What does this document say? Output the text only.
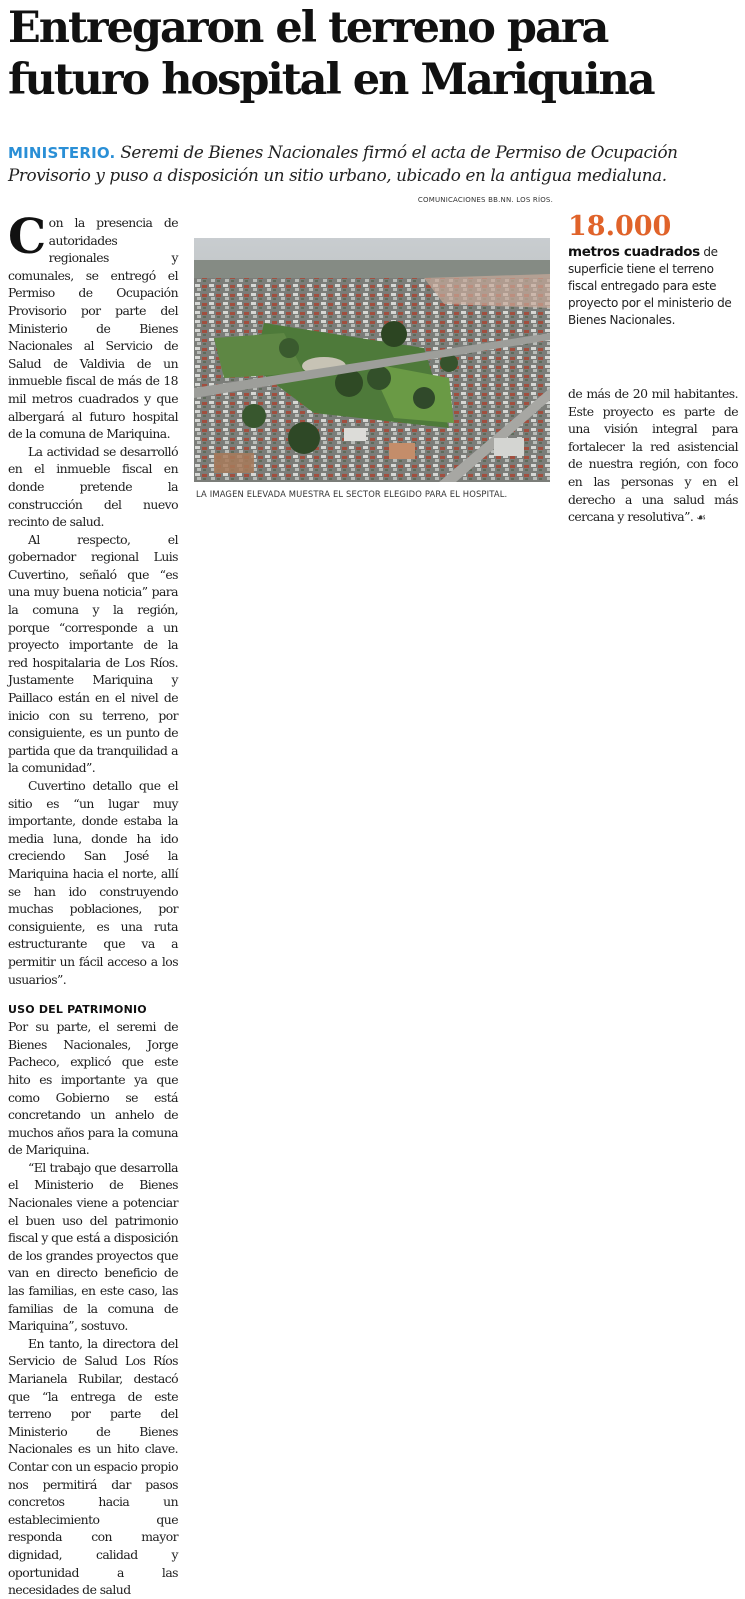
Entregaron el terreno para futuro hospital en Mariquina

MINISTERIO. Seremi de Bienes Nacionales firmó el acta de Permiso de Ocupación Provisorio y puso a disposición un sitio urbano, ubicado en la antigua medialuna.

COMUNICACIONES BB.NN. LOS RÍOS.

Con la presencia de autoridades regionales y comunales, se entregó el Permiso de Ocupación Provisorio por parte del Ministerio de Bienes Nacionales al Servicio de Salud de Valdivia de un inmueble fiscal de más de 18 mil metros cuadrados y que albergará al futuro hospital de la comuna de Mariquina.

La actividad se desarrolló en el inmueble fiscal en donde pretende la construcción del nuevo recinto de salud.

Al respecto, el gobernador regional Luis Cuvertino, señaló que “es una muy buena noticia” para la comuna y la región, porque “corresponde a un proyecto importante de la red hospitalaria de Los Ríos. Justamente Mariquina y Paillaco están en el nivel de inicio con su terreno, por consiguiente, es un punto de partida que da tranquilidad a la comunidad”.

Cuvertino detallo que el sitio es “un lugar muy importante, donde estaba la media luna, donde ha ido creciendo San José la Mariquina hacia el norte, allí se han ido construyendo muchas poblaciones, por consiguiente, es una ruta estructurante que va a permitir un fácil acceso a los usuarios”.

USO DEL PATRIMONIO

Por su parte, el seremi de Bienes Nacionales, Jorge Pacheco, explicó que este hito es importante ya que como Gobierno se está concretando un anhelo de muchos años para la comuna de Mariquina.

“El trabajo que desarrolla el Ministerio de Bienes Nacionales viene a potenciar el buen uso del patrimonio fiscal y que está a disposición de los grandes proyectos que van en directo beneficio de las familias, en este caso, las familias de la comuna de Mariquina”, sostuvo.

En tanto, la directora del Servicio de Salud Los Ríos Marianela Rubilar, destacó que “la entrega de este terreno por parte del Ministerio de Bienes Nacionales es un hito clave. Contar con un espacio propio nos permitirá dar pasos concretos hacia un establecimiento que responda con mayor dignidad, calidad y oportunidad a las necesidades de salud

LA IMAGEN ELEVADA MUESTRA EL SECTOR ELEGIDO PARA EL HOSPITAL.

18.000

metros cuadrados de superficie tiene el terreno fiscal entregado para este proyecto por el ministerio de Bienes Nacionales.

de más de 20 mil habitantes. Este proyecto es parte de una visión integral para fortalecer la red asistencial de nuestra región, con foco en las personas y en el derecho a una salud más cercana y resolutiva”. ☙
